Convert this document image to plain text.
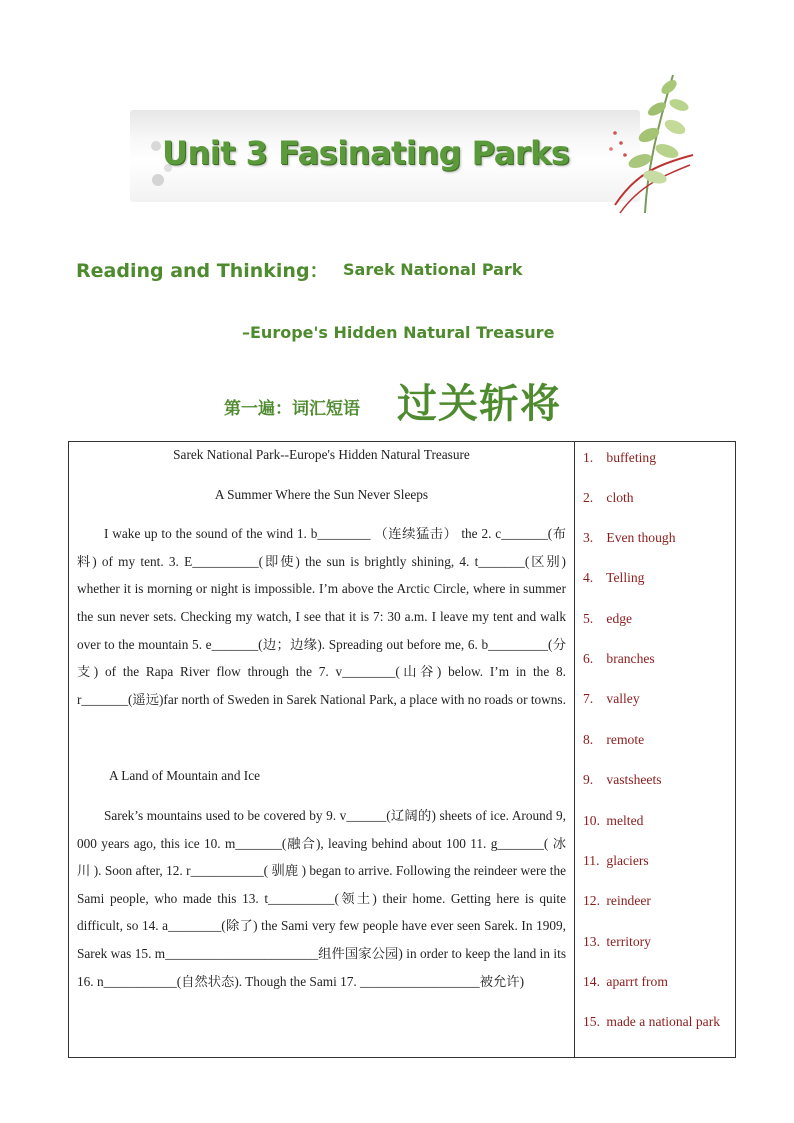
Unit 3 Fasinating Parks
Reading and Thinking： Sarek National Park
–Europe's Hidden Natural Treasure
第一遍：词汇短语 过关斩将

Sarek National Park--Europe's Hidden Natural Treasure

A Summer Where the Sun Never Sleeps

I wake up to the sound of the wind 1. b________ （连续猛击） the 2. c_______(布料) of my tent. 3. E__________(即使) the sun is brightly shining, 4. t_______(区别) whether it is morning or night is impossible. I’m above the Arctic Circle, where in summer the sun never sets. Checking my watch, I see that it is 7: 30 a.m. I leave my tent and walk over to the mountain 5. e_______(边；边缘). Spreading out before me, 6. b_________(分支) of the Rapa River flow through the 7. v________(山谷) below. I’m in the 8. r_______(遥远)far north of Sweden in Sarek National Park, a place with no roads or towns.

A Land of Mountain and Ice

Sarek’s mountains used to be covered by 9. v______(辽阔的) sheets of ice. Around 9, 000 years ago, this ice 10. m_______(融合), leaving behind about 100 11. g_______( 冰 川 ). Soon after, 12. r___________( 驯鹿 ) began to arrive. Following the reindeer were the Sami people, who made this 13. t__________(领土) their home. Getting here is quite difficult, so 14. a________(除了) the Sami very few people have ever seen Sarek. In 1909, Sarek was 15. m_______________________组件国家公园) in order to keep the land in its 16. n___________(自然状态). Though the Sami 17. __________________被允许)

1. buffeting
2. cloth
3. Even though
4. Telling
5. edge
6. branches
7. valley
8. remote
9. vastsheets
10. melted
11. glaciers
12. reindeer
13. territory
14. aparrt from
15. made a national park
